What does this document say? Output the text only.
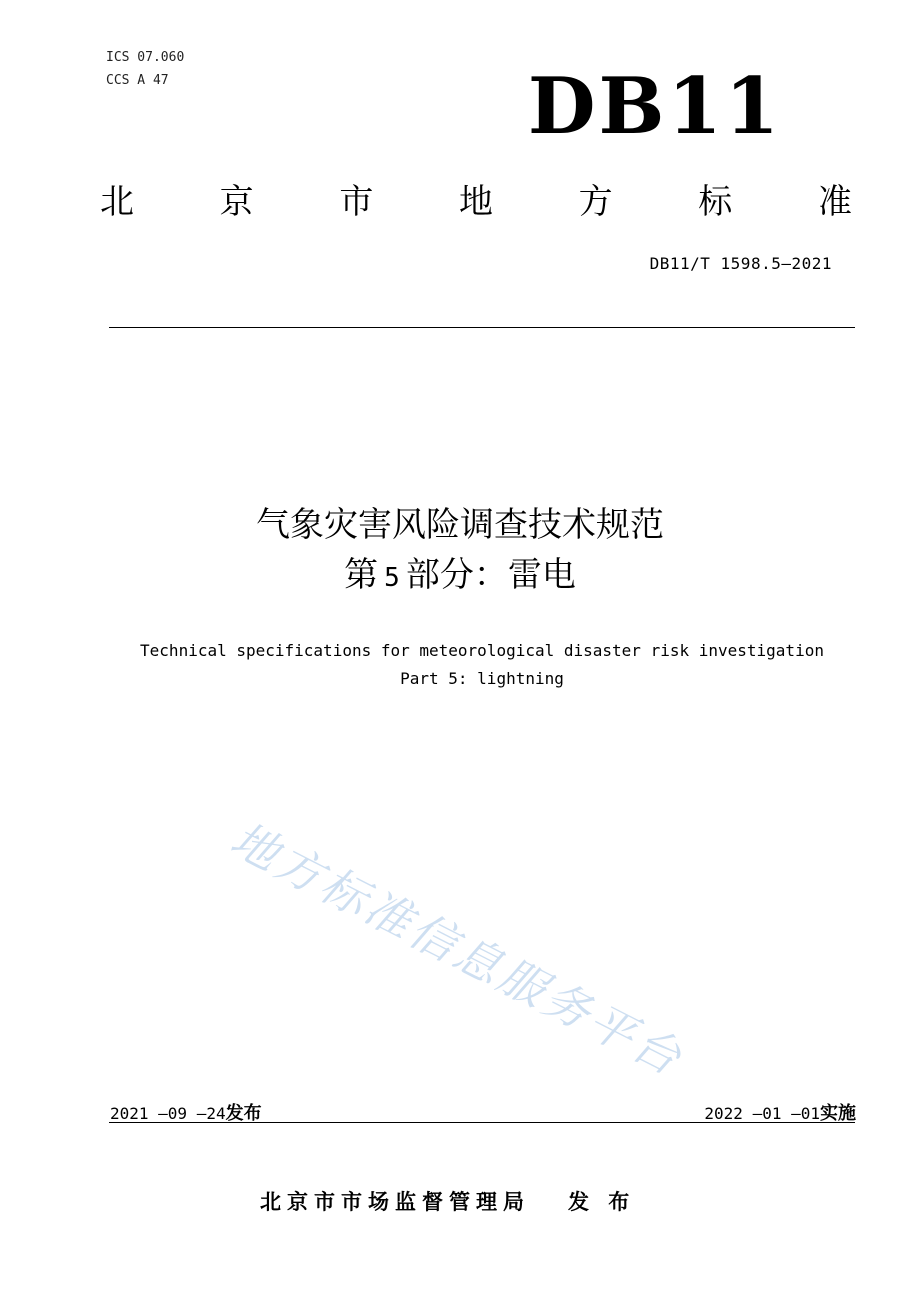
ICS 07.060
CCS A 47	DB11
北	京	市	地	方	标	准
DB11/T 1598.5—2021
气象灾害风险调查技术规范
第 5 部分：雷电
Technical specifications for meteorological disaster risk investigation
Part 5: lightning
地方标准信息服务平台
2021 —09 —24发布	2022 —01 —01实施
北京市市场监督管理局 发 布
